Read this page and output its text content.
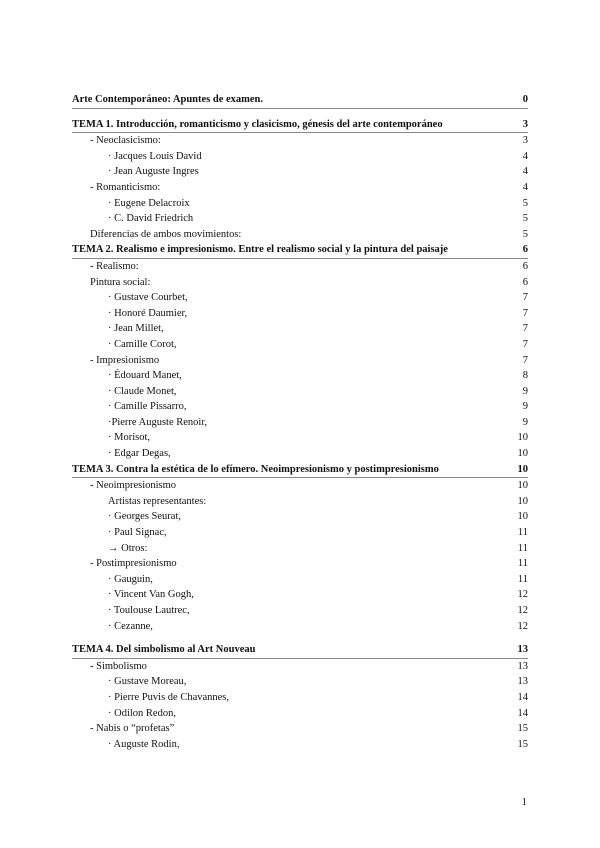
Arte Contemporáneo: Apuntes de examen.	0
TEMA 1. Introducción, romanticismo y clasicismo, génesis del arte contemporáneo	3
- Neoclasicismo:	3
· Jacques Louis David	4
· Jean Auguste Ingres	4
- Romanticismo:	4
· Eugene Delacroix	5
· C. David Friedrich	5
Diferencias de ambos movimientos:	5
TEMA 2. Realismo e impresionismo. Entre el realismo social y la pintura del paisaje	6
- Realismo:	6
Pintura social:	6
· Gustave Courbet,	7
· Honoré Daumier,	7
· Jean Millet,	7
· Camille Corot,	7
- Impresionismo	7
· Édouard Manet,	8
· Claude Monet,	9
· Camille Pissarro,	9
·Pierre Auguste Renoir,	9
· Morisot,	10
· Edgar Degas,	10
TEMA 3. Contra la estética de lo efímero. Neoimpresionismo y postimpresionismo	10
- Neoimpresionismo	10
Artistas representantes:	10
· Georges Seurat,	10
· Paul Signac,	11
→ Otros:	11
- Postimpresionismo	11
· Gauguin,	11
· Vincent Van Gogh,	12
· Toulouse Lautrec,	12
· Cezanne,	12
TEMA 4. Del simbolismo al Art Nouveau	13
- Simbolismo	13
· Gustave Moreau,	13
· Pierre Puvis de Chavannes,	14
· Odilon Redon,	14
- Nabis o “profetas”	15
· Auguste Rodin,	15
1
